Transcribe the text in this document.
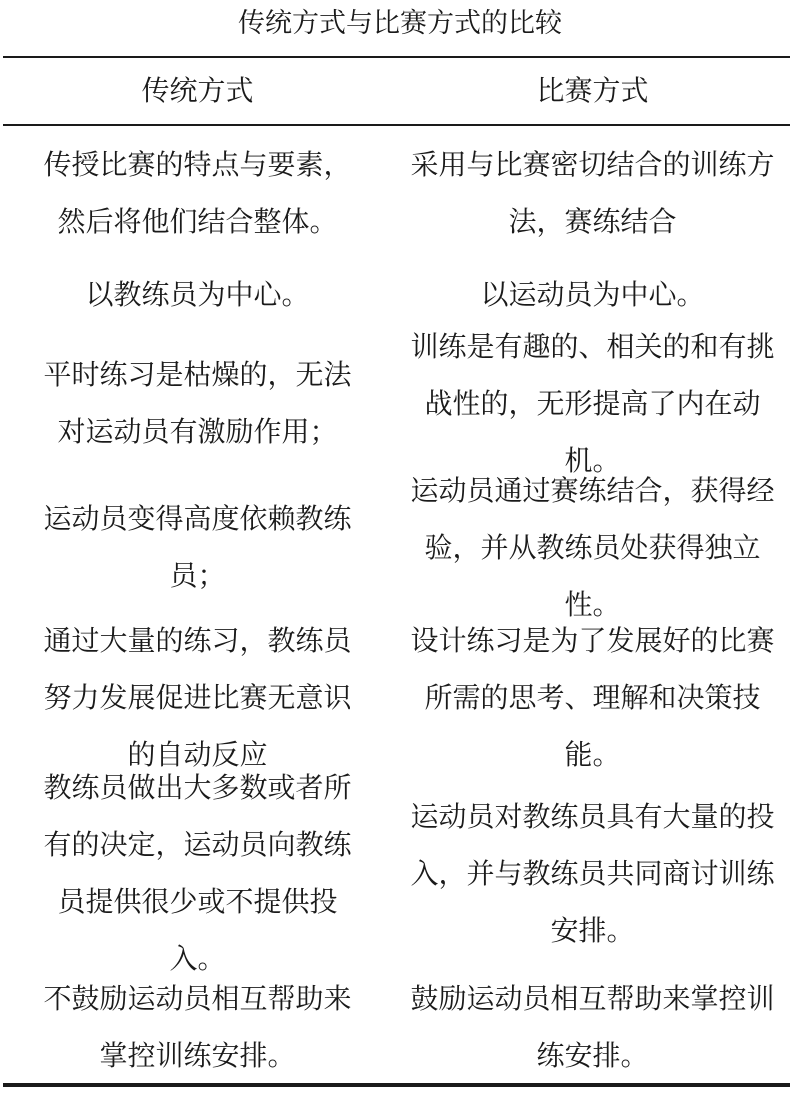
传统方式与比赛方式的比较
传统方式	比赛方式
传授比赛的特点与要素，然后将他们结合整体。
采用与比赛密切结合的训练方法，赛练结合
以教练员为中心。	以运动员为中心。
平时练习是枯燥的，无法对运动员有激励作用；
训练是有趣的、相关的和有挑战性的，无形提高了内在动机。
运动员变得高度依赖教练员；
运动员通过赛练结合，获得经验，并从教练员处获得独立性。
通过大量的练习，教练员努力发展促进比赛无意识的自动反应
设计练习是为了发展好的比赛所需的思考、理解和决策技能。
教练员做出大多数或者所有的决定，运动员向教练员提供很少或不提供投入。
运动员对教练员具有大量的投入，并与教练员共同商讨训练安排。
不鼓励运动员相互帮助来掌控训练安排。
鼓励运动员相互帮助来掌控训练安排。
